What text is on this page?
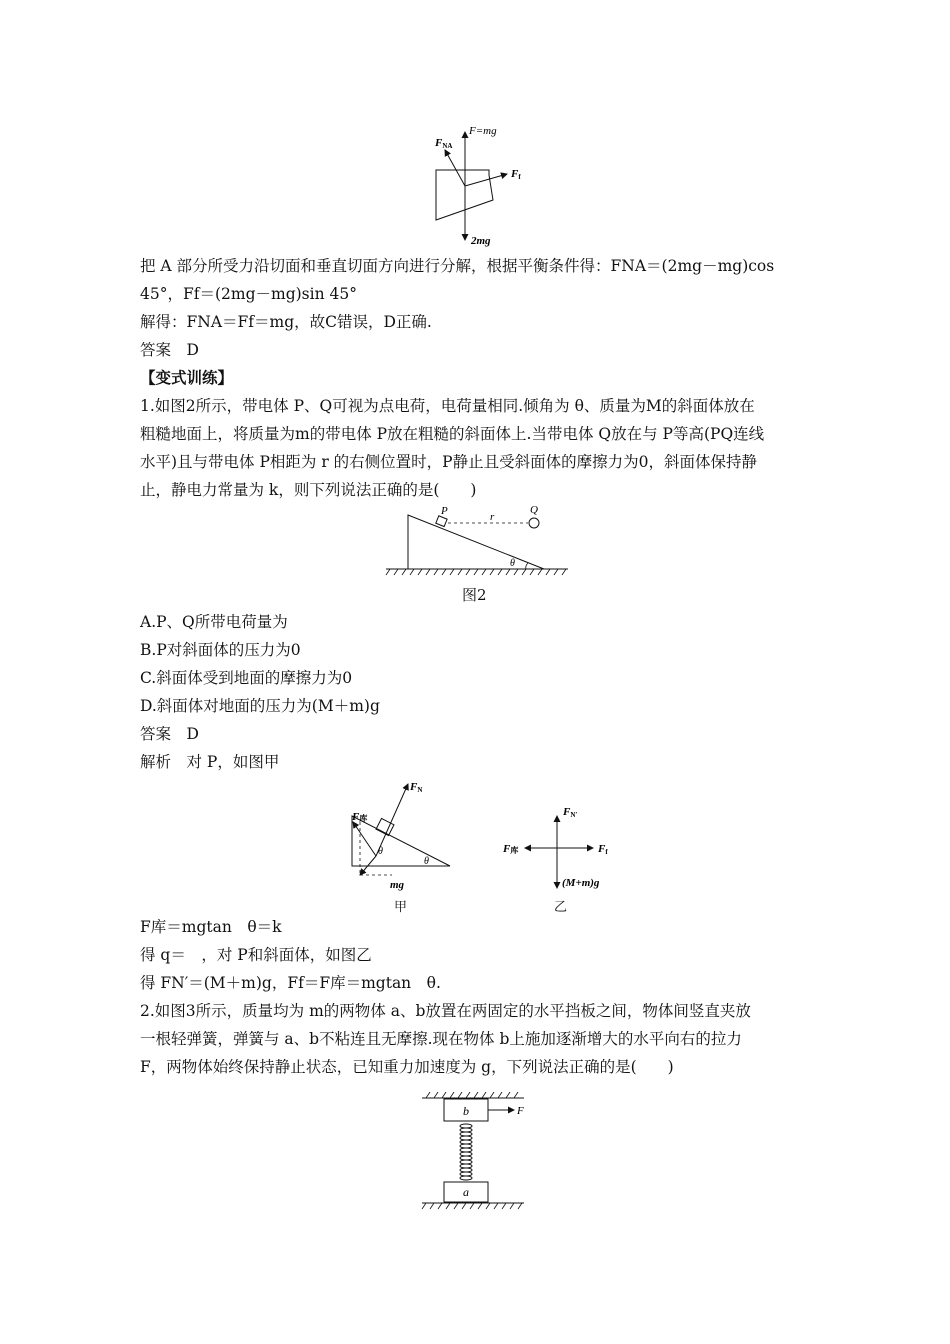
FNA
F=mg
Ff
2mg
把 A 部分所受力沿切面和垂直切面方向进行分解，根据平衡条件得：FNA＝(2mg－mg)cos
45°，Ff＝(2mg－mg)sin 45°
解得：FNA＝Ff＝mg，故C错误，D正确.
答案　D
【变式训练】
1.如图2所示，带电体 P、Q可视为点电荷，电荷量相同.倾角为 θ、质量为M的斜面体放在
粗糙地面上，将质量为m的带电体 P放在粗糙的斜面体上.当带电体 Q放在与 P等高(PQ连线
水平)且与带电体 P相距为 r 的右侧位置时，P静止且受斜面体的摩擦力为0，斜面体保持静
止，静电力常量为 k，则下列说法正确的是(　　)
P	r
Q
θ
图2
A.P、Q所带电荷量为
B.P对斜面体的压力为0
C.斜面体受到地面的摩擦力为0
D.斜面体对地面的压力为(M＋m)g
答案　D
解析　对 P，如图甲
F库
FN
θ
θ
mg
甲
FN′
F库	Ff
(M+m)g
乙
F库＝mgtan　θ＝k
得 q＝　，对 P和斜面体，如图乙
得 FN′＝(M＋m)g，Ff＝F库＝mgtan　θ.
2.如图3所示，质量均为 m的两物体 a、b放置在两固定的水平挡板之间，物体间竖直夹放
一根轻弹簧，弹簧与 a、b不粘连且无摩擦.现在物体 b上施加逐渐增大的水平向右的拉力
F，两物体始终保持静止状态，已知重力加速度为 g，下列说法正确的是(　　)
b	F
a
